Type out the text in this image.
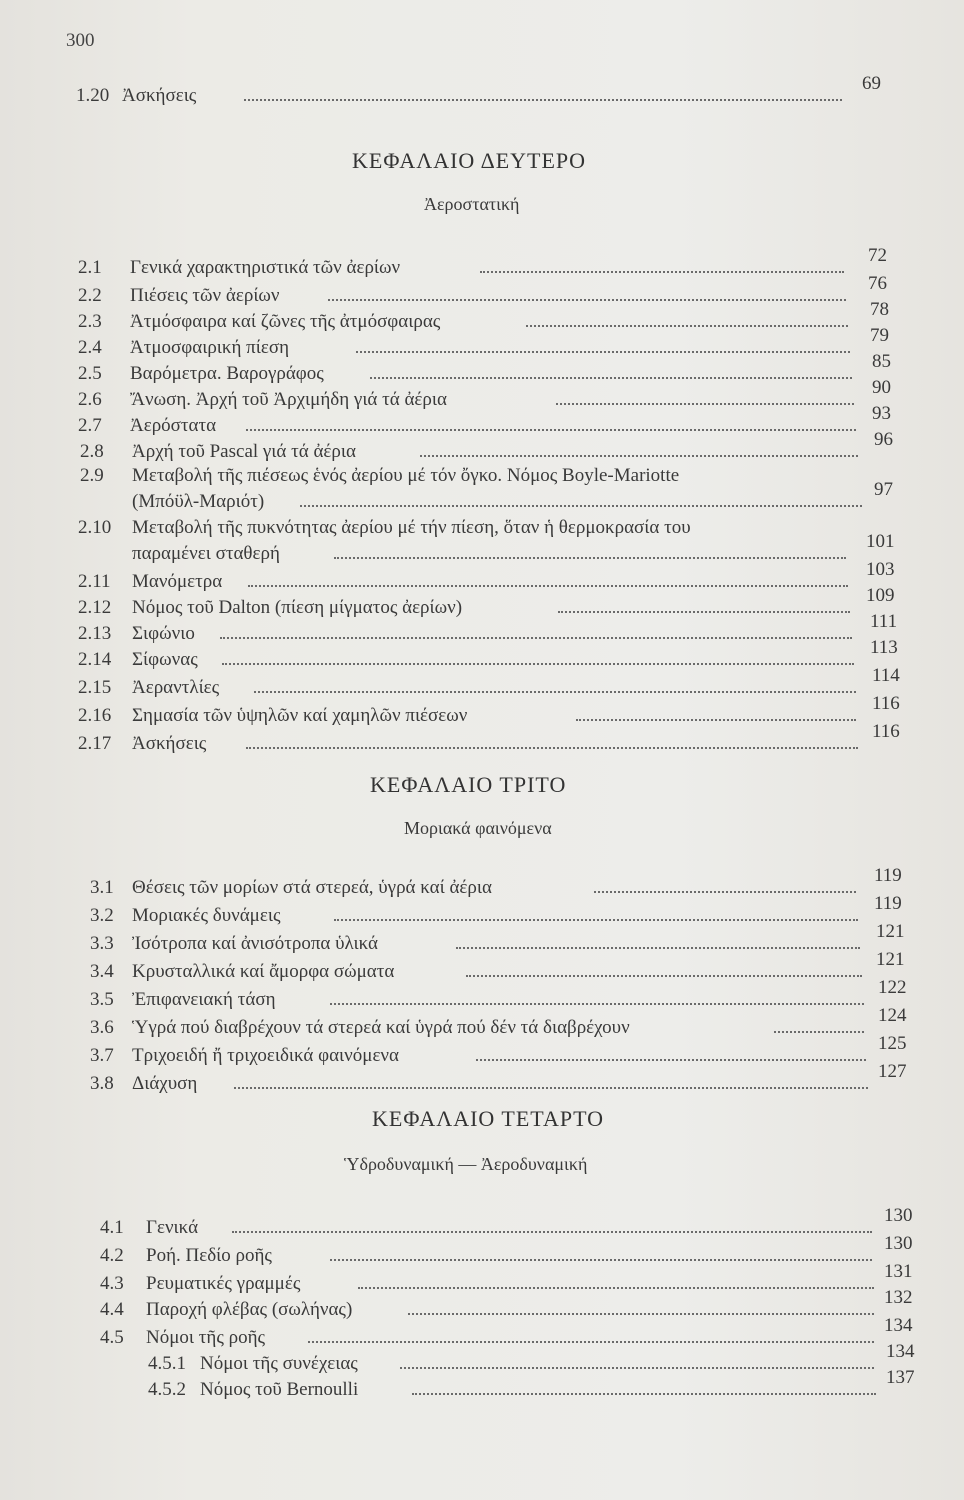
300
1.20 Ἀσκήσεις
69
ΚΕΦΑΛΑΙΟ ΔΕΥΤΕΡΟ
Ἀεροστατική
2.1 Γενικά χαρακτηριστικά τῶν ἀερίων
72
2.2 Πιέσεις τῶν ἀερίων
76
2.3 Ἀτμόσφαιρα καί ζῶνες τῆς ἀτμόσφαιρας
78
2.4 Ἀτμοσφαιρική πίεση
79
2.5 Βαρόμετρα. Βαρογράφος
85
2.6 Ἄνωση. Ἀρχή τοῦ Ἀρχιμήδη γιά τά ἀέρια
90
2.7 Ἀερόστατα
93
2.8 Ἀρχή τοῦ Pascal γιά τά ἀέρια
96
2.9 Μεταβολή τῆς πιέσεως ἑνός ἀερίου μέ τόν ὄγκο. Νόμος Boyle-Mariotte
(Μπόϋλ-Μαριότ)
97
2.10 Μεταβολή τῆς πυκνότητας ἀερίου μέ τήν πίεση, ὅταν ἡ θερμοκρασία του
παραμένει σταθερή
101
2.11 Μανόμετρα
103
2.12 Νόμος τοῦ Dalton (πίεση μίγματος ἀερίων)
109
2.13 Σιφώνιο
111
2.14 Σίφωνας
113
2.15 Ἀεραντλίες
114
2.16 Σημασία τῶν ὑψηλῶν καί χαμηλῶν πιέσεων
116
2.17 Ἀσκήσεις
116
ΚΕΦΑΛΑΙΟ ΤΡΙΤΟ
Μοριακά φαινόμενα
3.1 Θέσεις τῶν μορίων στά στερεά, ὑγρά καί ἀέρια
119
3.2 Μοριακές δυνάμεις
119
3.3 Ἰσότροπα καί ἀνισότροπα ὑλικά
121
3.4 Κρυσταλλικά καί ἄμορφα σώματα
121
3.5 Ἐπιφανειακή τάση
122
3.6 Ὑγρά πού διαβρέχουν τά στερεά καί ὑγρά πού δέν τά διαβρέχουν
124
3.7 Τριχοειδή ἤ τριχοειδικά φαινόμενα
125
3.8 Διάχυση
127
ΚΕΦΑΛΑΙΟ ΤΕΤΑΡΤΟ
Ὑδροδυναμική — Ἀεροδυναμική
4.1 Γενικά
130
4.2 Ροή. Πεδίο ροῆς
130
4.3 Ρευματικές γραμμές
131
4.4 Παροχή φλέβας (σωλήνας)
132
4.5 Νόμοι τῆς ροῆς
134
4.5.1 Νόμοι τῆς συνέχειας
134
4.5.2 Νόμος τοῦ Bernoulli
137
